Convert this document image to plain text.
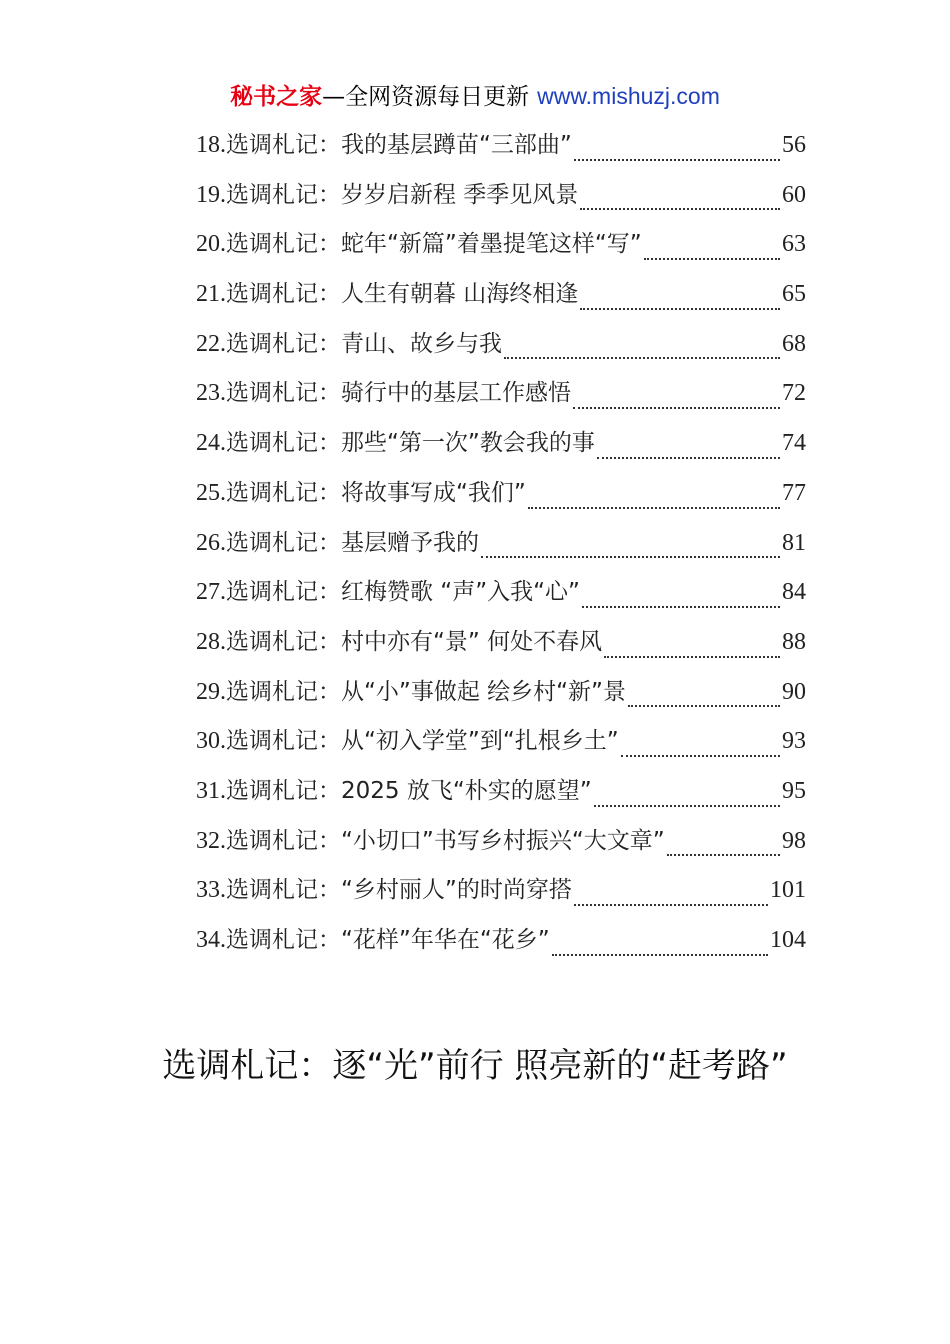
秘书之家—全网资源每日更新 www.mishuzj.com
18. 选调札记：我的基层蹲苗“三部曲”	56
19. 选调札记：岁岁启新程 季季见风景	60
20. 选调札记：蛇年“新篇”着墨提笔这样“写”	63
21. 选调札记：人生有朝暮 山海终相逢	65
22. 选调札记：青山、故乡与我	68
23. 选调札记：骑行中的基层工作感悟	72
24. 选调札记：那些“第一次”教会我的事	74
25. 选调札记：将故事写成“我们”	77
26. 选调札记：基层赠予我的	81
27. 选调札记：红梅赞歌 “声”入我“心”	84
28. 选调札记：村中亦有“景” 何处不春风	88
29. 选调札记：从“小”事做起 绘乡村“新”景	90
30. 选调札记：从“初入学堂”到“扎根乡土”	93
31. 选调札记：2025 放飞“朴实的愿望”	95
32. 选调札记：“小切口”书写乡村振兴“大文章”	98
33. 选调札记：“乡村丽人”的时尚穿搭	101
34. 选调札记：“花样”年华在“花乡”	104
选调札记：逐“光”前行 照亮新的“赶考路”
